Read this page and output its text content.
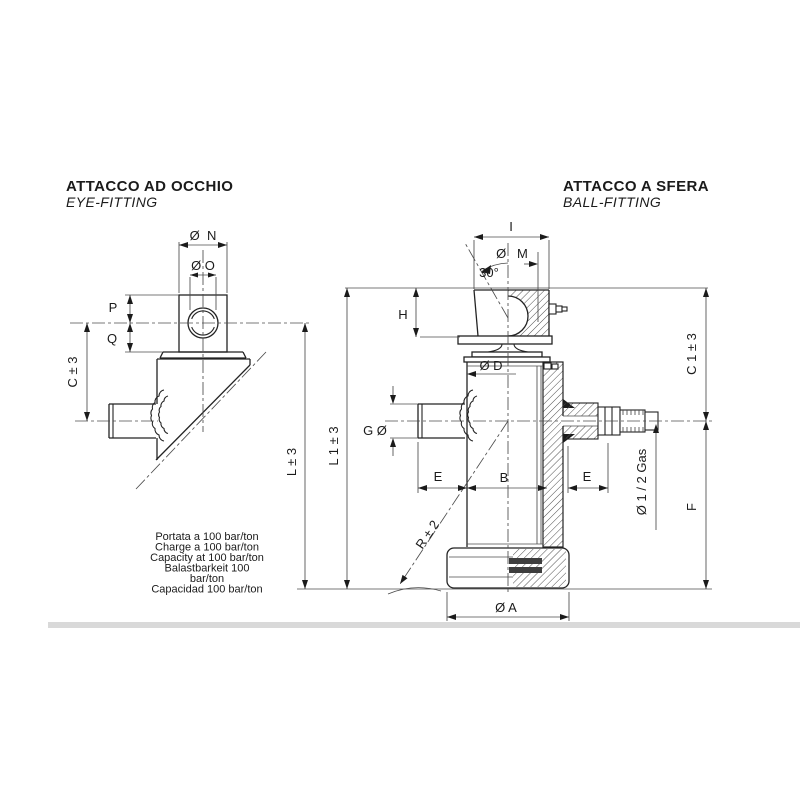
ATTACCO AD OCCHIO
EYE-FITTING
ATTACCO A SFERA
BALL-FITTING
Ø  N
Ø O
P
Q
C ± 3
L ± 3
Portata a 100 bar/ton
Charge a 100 bar/ton
Capacity at 100 bar/ton
Balastbarkeit 100
bar/ton
Capacidad 100 bar/ton
I
Ø   M
30°
H
Ø D
G Ø
E	B	E	Ø 1 / 2 Gas
C 1 ± 3
F
L 1 ± 3
R ± 2
Ø A
